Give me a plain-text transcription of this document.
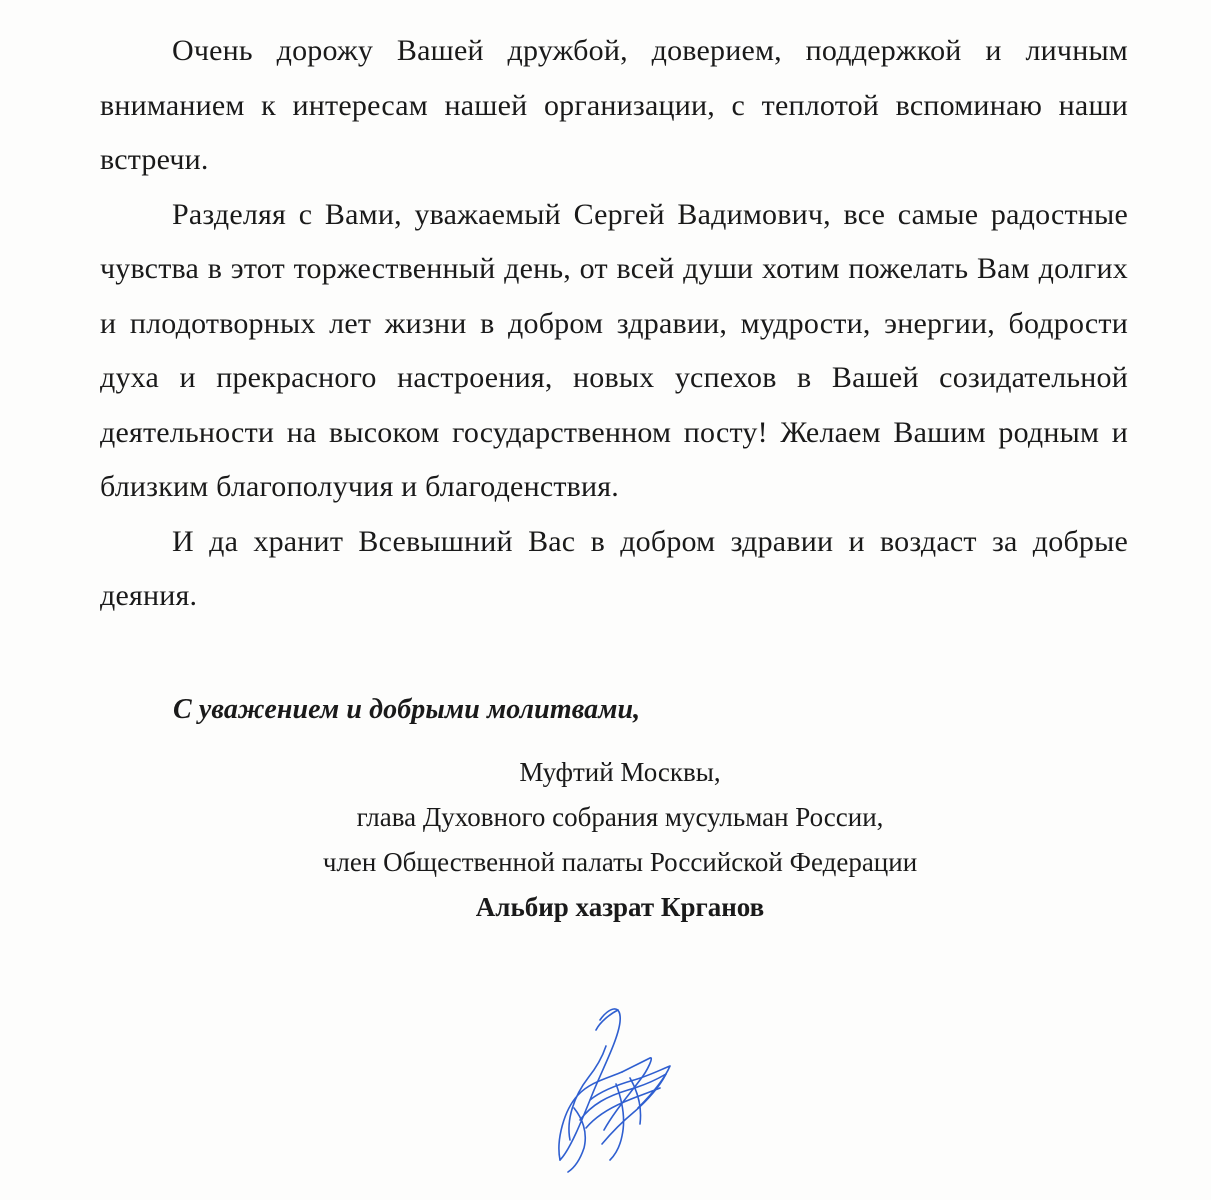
Очень дорожу Вашей дружбой, доверием, поддержкой и личным вниманием к интересам нашей организации, с теплотой вспоминаю наши встречи.

Разделяя с Вами, уважаемый Сергей Вадимович, все самые радостные чувства в этот торжественный день, от всей души хотим пожелать Вам долгих и плодотворных лет жизни в добром здравии, мудрости, энергии, бодрости духа и прекрасного настроения, новых успехов в Вашей созидательной деятельности на высоком государственном посту! Желаем Вашим родным и близким благополучия и благоденствия.

И да хранит Всевышний Вас в добром здравии и воздаст за добрые деяния.

С уважением и добрыми молитвами,
Муфтий Москвы,
глава Духовного собрания мусульман России,
член Общественной палаты Российской Федерации
Альбир хазрат Крганов
